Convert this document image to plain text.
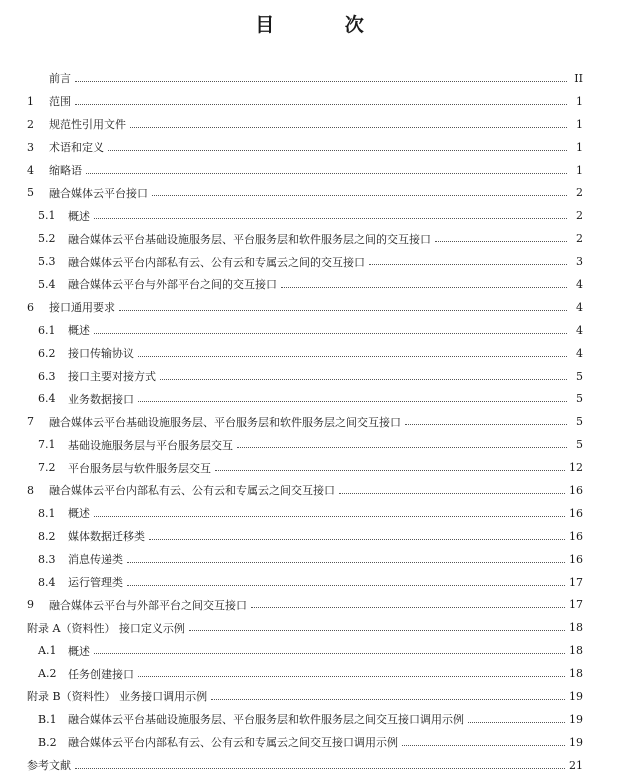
目 次
前言	II
1	范围	1
2	规范性引用文件	1
3	术语和定义	1
4	缩略语	1
5	融合媒体云平台接口	2
5.1	概述	2
5.2	融合媒体云平台基础设施服务层、平台服务层和软件服务层之间的交互接口	2
5.3	融合媒体云平台内部私有云、公有云和专属云之间的交互接口	3
5.4	融合媒体云平台与外部平台之间的交互接口	4
6	接口通用要求	4
6.1	概述	4
6.2	接口传输协议	4
6.3	接口主要对接方式	5
6.4	业务数据接口	5
7	融合媒体云平台基础设施服务层、平台服务层和软件服务层之间交互接口	5
7.1	基础设施服务层与平台服务层交互	5
7.2	平台服务层与软件服务层交互	12
8	融合媒体云平台内部私有云、公有云和专属云之间交互接口	16
8.1	概述	16
8.2	媒体数据迁移类	16
8.3	消息传递类	16
8.4	运行管理类	17
9	融合媒体云平台与外部平台之间交互接口	17
附录 A（资料性） 接口定义示例	18
A.1	概述	18
A.2	任务创建接口	18
附录 B（资料性） 业务接口调用示例	19
B.1	融合媒体云平台基础设施服务层、平台服务层和软件服务层之间交互接口调用示例	19
B.2	融合媒体云平台内部私有云、公有云和专属云之间交互接口调用示例	19
参考文献	21
